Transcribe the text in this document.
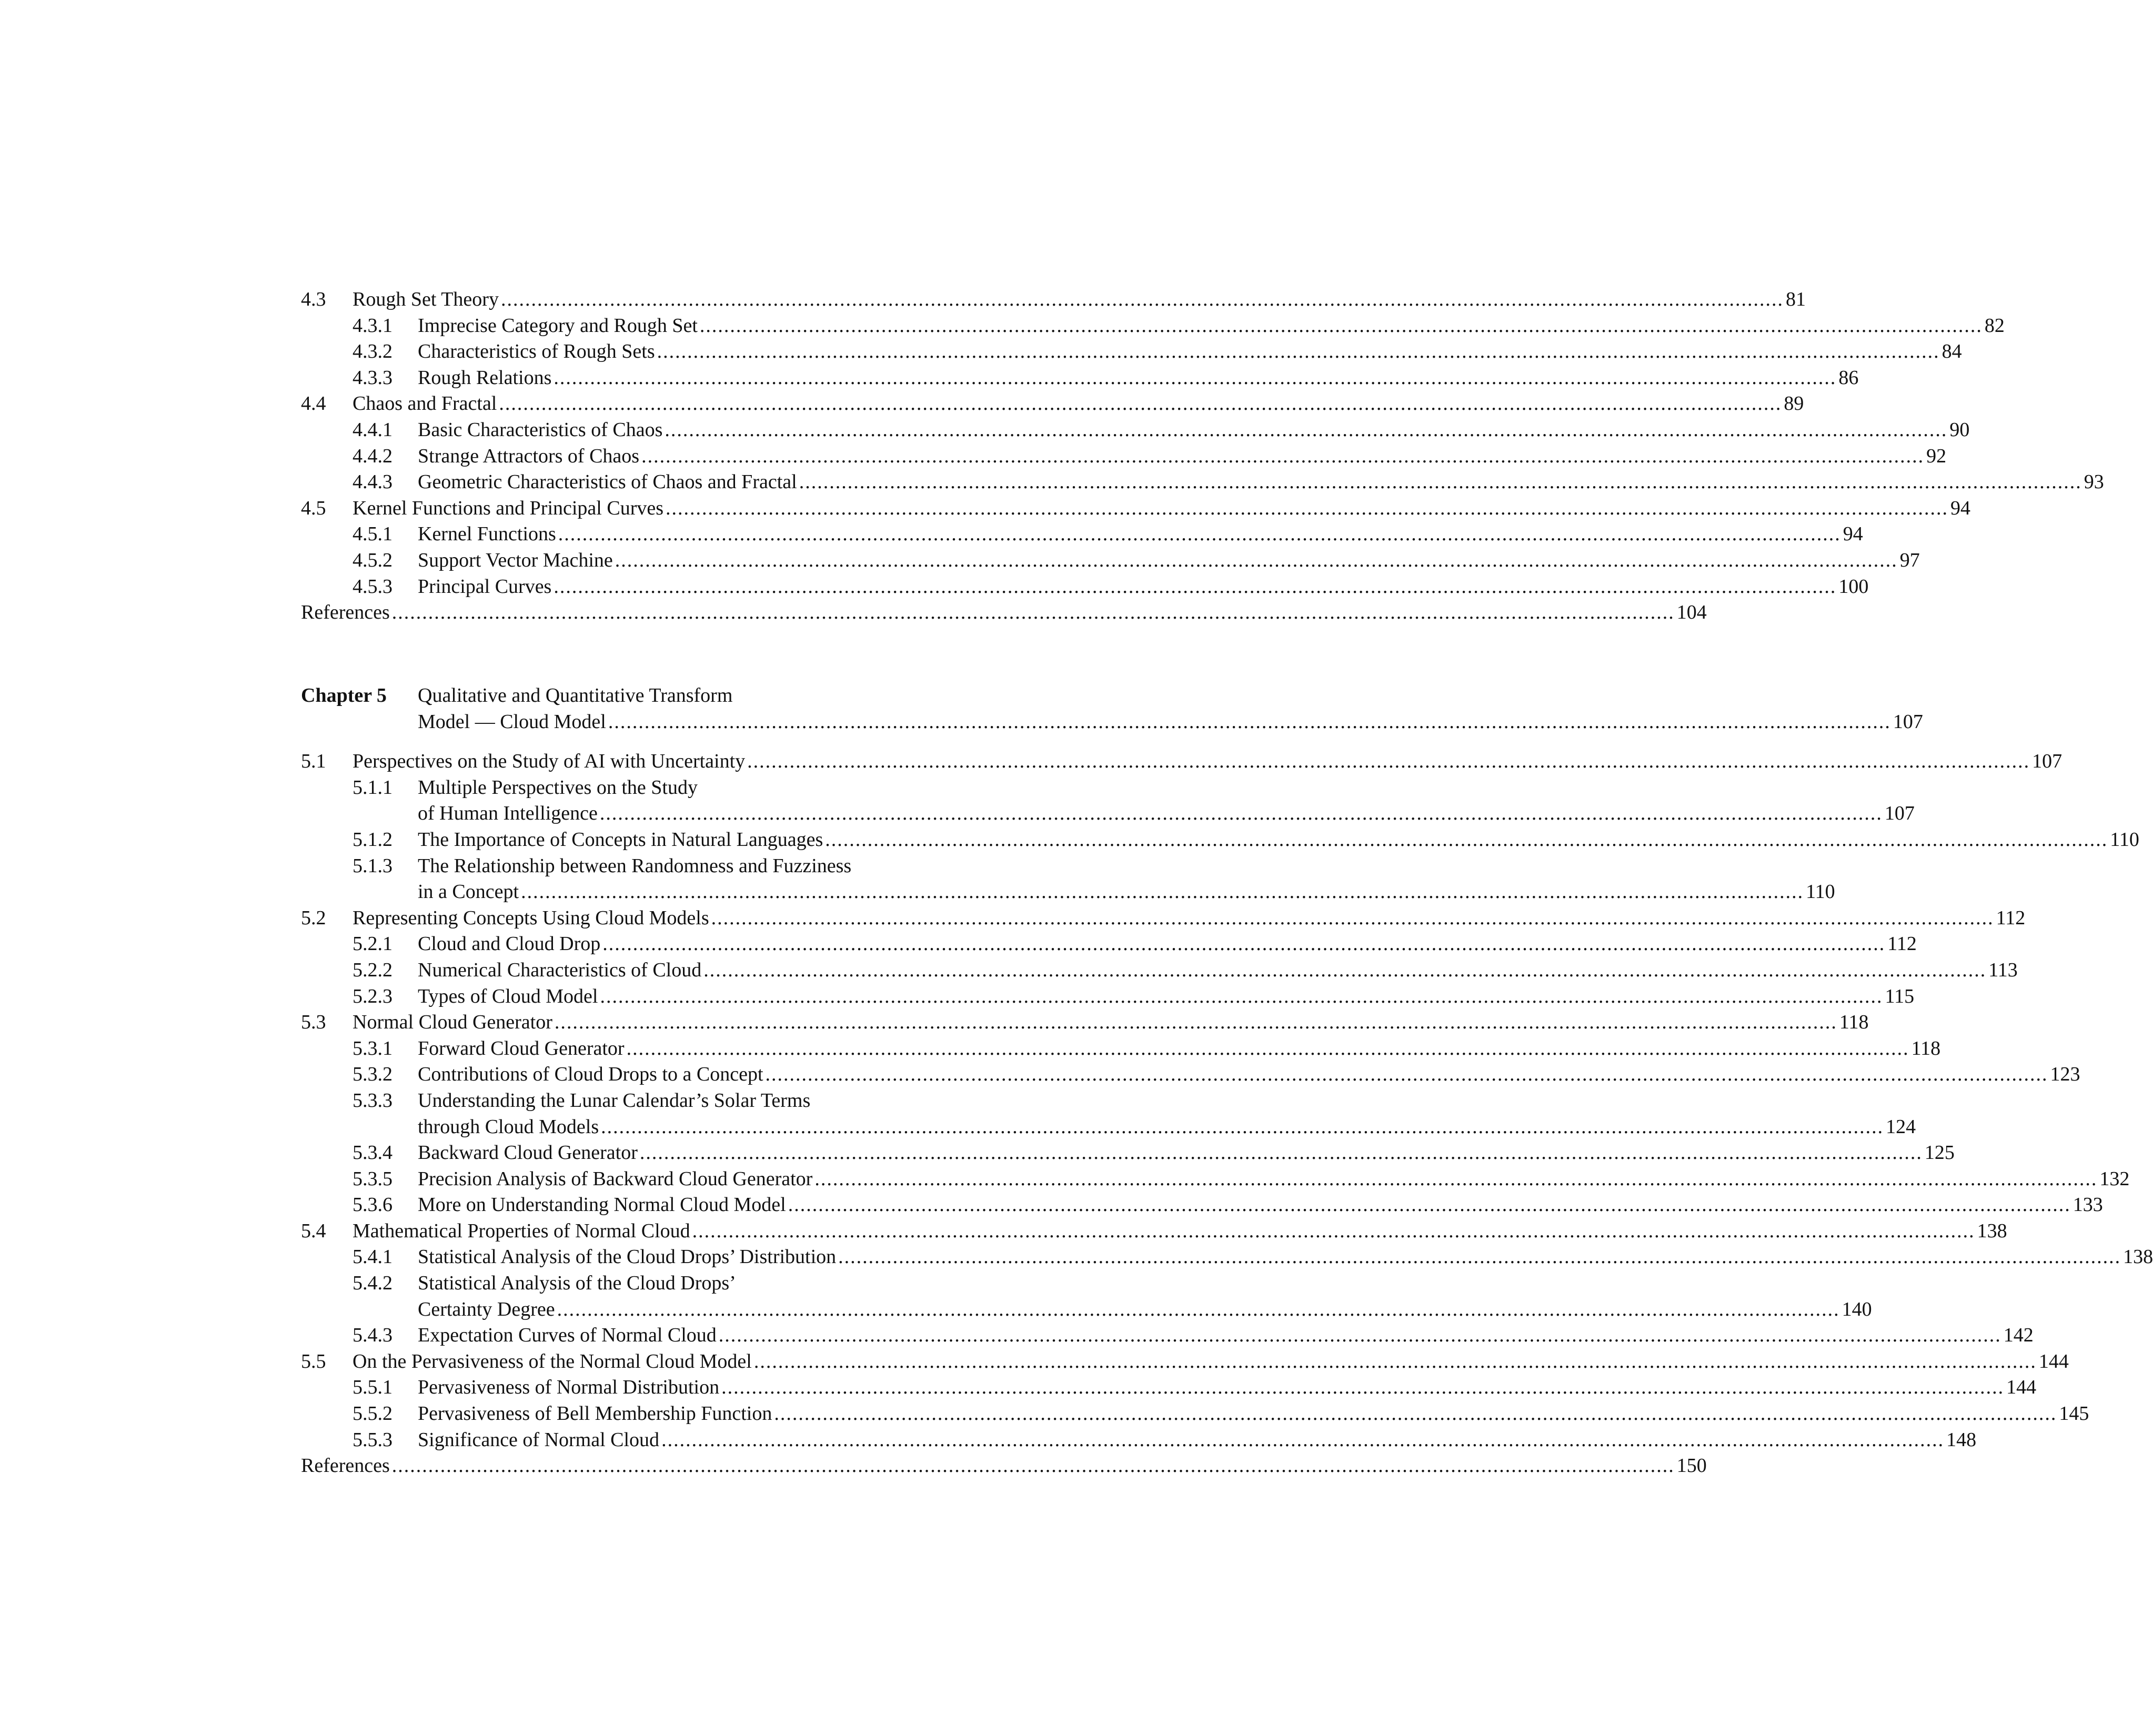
4.3 Rough Set Theory .................................................................................................................................................................................................................... 81
4.3.1 Imprecise Category and Rough Set .................................................................................................................................................................................................................... 82
4.3.2 Characteristics of Rough Sets .................................................................................................................................................................................................................... 84
4.3.3 Rough Relations .................................................................................................................................................................................................................... 86
4.4 Chaos and Fractal .................................................................................................................................................................................................................... 89
4.4.1 Basic Characteristics of Chaos .................................................................................................................................................................................................................... 90
4.4.2 Strange Attractors of Chaos .................................................................................................................................................................................................................... 92
4.4.3 Geometric Characteristics of Chaos and Fractal .................................................................................................................................................................................................................... 93
4.5 Kernel Functions and Principal Curves .................................................................................................................................................................................................................... 94
4.5.1 Kernel Functions .................................................................................................................................................................................................................... 94
4.5.2 Support Vector Machine .................................................................................................................................................................................................................... 97
4.5.3 Principal Curves .................................................................................................................................................................................................................... 100
References .................................................................................................................................................................................................................... 104
Chapter 5 Qualitative and Quantitative Transform
Model — Cloud Model .................................................................................................................................................................................................................... 107
5.1 Perspectives on the Study of AI with Uncertainty .................................................................................................................................................................................................................... 107
5.1.1 Multiple Perspectives on the Study
of Human Intelligence .................................................................................................................................................................................................................... 107
5.1.2 The Importance of Concepts in Natural Languages .................................................................................................................................................................................................................... 110
5.1.3 The Relationship between Randomness and Fuzziness
in a Concept .................................................................................................................................................................................................................... 110
5.2 Representing Concepts Using Cloud Models .................................................................................................................................................................................................................... 112
5.2.1 Cloud and Cloud Drop .................................................................................................................................................................................................................... 112
5.2.2 Numerical Characteristics of Cloud .................................................................................................................................................................................................................... 113
5.2.3 Types of Cloud Model .................................................................................................................................................................................................................... 115
5.3 Normal Cloud Generator .................................................................................................................................................................................................................... 118
5.3.1 Forward Cloud Generator .................................................................................................................................................................................................................... 118
5.3.2 Contributions of Cloud Drops to a Concept .................................................................................................................................................................................................................... 123
5.3.3 Understanding the Lunar Calendar’s Solar Terms
through Cloud Models .................................................................................................................................................................................................................... 124
5.3.4 Backward Cloud Generator .................................................................................................................................................................................................................... 125
5.3.5 Precision Analysis of Backward Cloud Generator .................................................................................................................................................................................................................... 132
5.3.6 More on Understanding Normal Cloud Model .................................................................................................................................................................................................................... 133
5.4 Mathematical Properties of Normal Cloud .................................................................................................................................................................................................................... 138
5.4.1 Statistical Analysis of the Cloud Drops’ Distribution .................................................................................................................................................................................................................... 138
5.4.2 Statistical Analysis of the Cloud Drops’
Certainty Degree .................................................................................................................................................................................................................... 140
5.4.3 Expectation Curves of Normal Cloud .................................................................................................................................................................................................................... 142
5.5 On the Pervasiveness of the Normal Cloud Model .................................................................................................................................................................................................................... 144
5.5.1 Pervasiveness of Normal Distribution .................................................................................................................................................................................................................... 144
5.5.2 Pervasiveness of Bell Membership Function .................................................................................................................................................................................................................... 145
5.5.3 Significance of Normal Cloud .................................................................................................................................................................................................................... 148
References .................................................................................................................................................................................................................... 150
